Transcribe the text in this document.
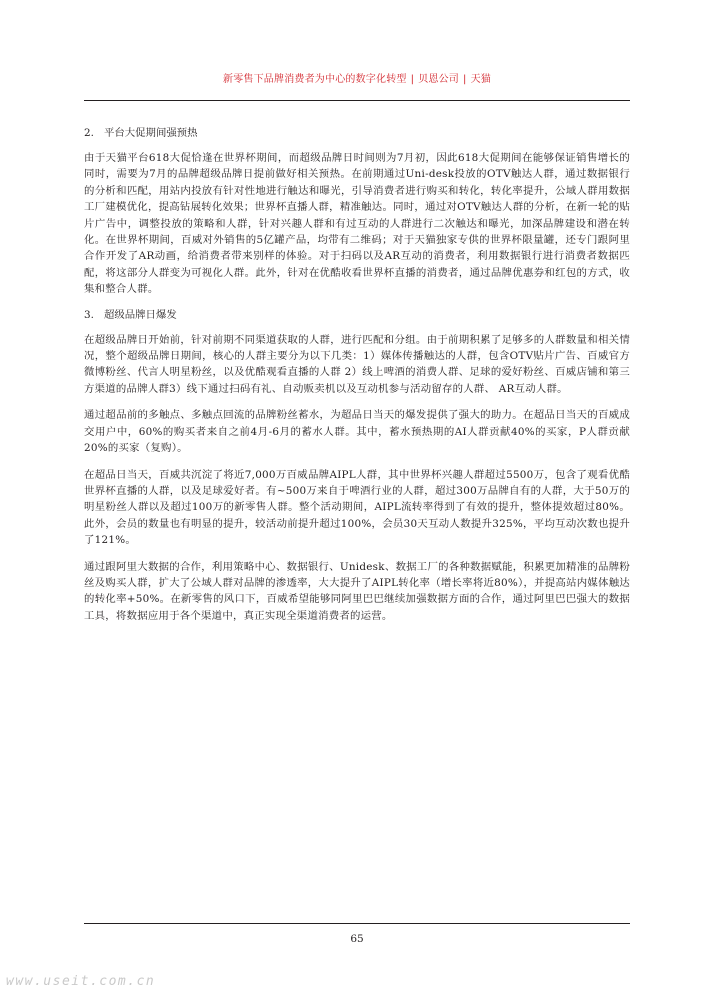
新零售下品牌消费者为中心的数字化转型 | 贝恩公司 | 天猫

2. 平台大促期间强预热

由于天猫平台618大促恰逢在世界杯期间，而超级品牌日时间则为7月初，因此618大促期间在能够保证销售增长的同时，需要为7月的品牌超级品牌日提前做好相关预热。在前期通过Uni-desk投放的OTV触达人群，通过数据银行的分析和匹配，用站内投放有针对性地进行触达和曝光，引导消费者进行购买和转化，转化率提升，公域人群用数据工厂建模优化，提高钻展转化效果；世界杯直播人群，精准触达。同时，通过对OTV触达人群的分析，在新一轮的贴片广告中，调整投放的策略和人群，针对兴趣人群和有过互动的人群进行二次触达和曝光，加深品牌建设和潜在转化。在世界杯期间，百威对外销售的5亿罐产品，均带有二维码；对于天猫独家专供的世界杯限量罐，还专门跟阿里合作开发了AR动画，给消费者带来别样的体验。对于扫码以及AR互动的消费者，利用数据银行进行消费者数据匹配，将这部分人群变为可视化人群。此外，针对在优酷收看世界杯直播的消费者，通过品牌优惠券和红包的方式，收集和整合人群。

3. 超级品牌日爆发

在超级品牌日开始前，针对前期不同渠道获取的人群，进行匹配和分组。由于前期积累了足够多的人群数量和相关情况，整个超级品牌日期间，核心的人群主要分为以下几类：1）媒体传播触达的人群，包含OTV贴片广告、百威官方微博粉丝、代言人明星粉丝，以及优酷观看直播的人群 2）线上啤酒的消费人群、足球的爱好粉丝、百威店铺和第三方渠道的品牌人群3）线下通过扫码有礼、自动贩卖机以及互动机参与活动留存的人群、 AR互动人群。

通过超品前的多触点、多触点回流的品牌粉丝蓄水，为超品日当天的爆发提供了强大的助力。在超品日当天的百威成交用户中，60%的购买者来自之前4月-6月的蓄水人群。其中，蓄水预热期的AI人群贡献40%的买家，P人群贡献20%的买家（复购）。

在超品日当天，百威共沉淀了将近7,000万百威品牌AIPL人群，其中世界杯兴趣人群超过5500万，包含了观看优酷世界杯直播的人群，以及足球爱好者。有~500万来自于啤酒行业的人群，超过300万品牌自有的人群，大于50万的明星粉丝人群以及超过100万的新零售人群。整个活动期间，AIPL流转率得到了有效的提升，整体提效超过80%。此外，会员的数量也有明显的提升，较活动前提升超过100%，会员30天互动人数提升325%，平均互动次数也提升了121%。

通过跟阿里大数据的合作，利用策略中心、数据银行、Unidesk、数据工厂的各种数据赋能，积累更加精准的品牌粉丝及购买人群，扩大了公域人群对品牌的渗透率，大大提升了AIPL转化率（增长率将近80%），并提高站内媒体触达的转化率+50%。在新零售的风口下，百威希望能够同阿里巴巴继续加强数据方面的合作，通过阿里巴巴强大的数据工具，将数据应用于各个渠道中，真正实现全渠道消费者的运营。

65
www.useit.com.cn
